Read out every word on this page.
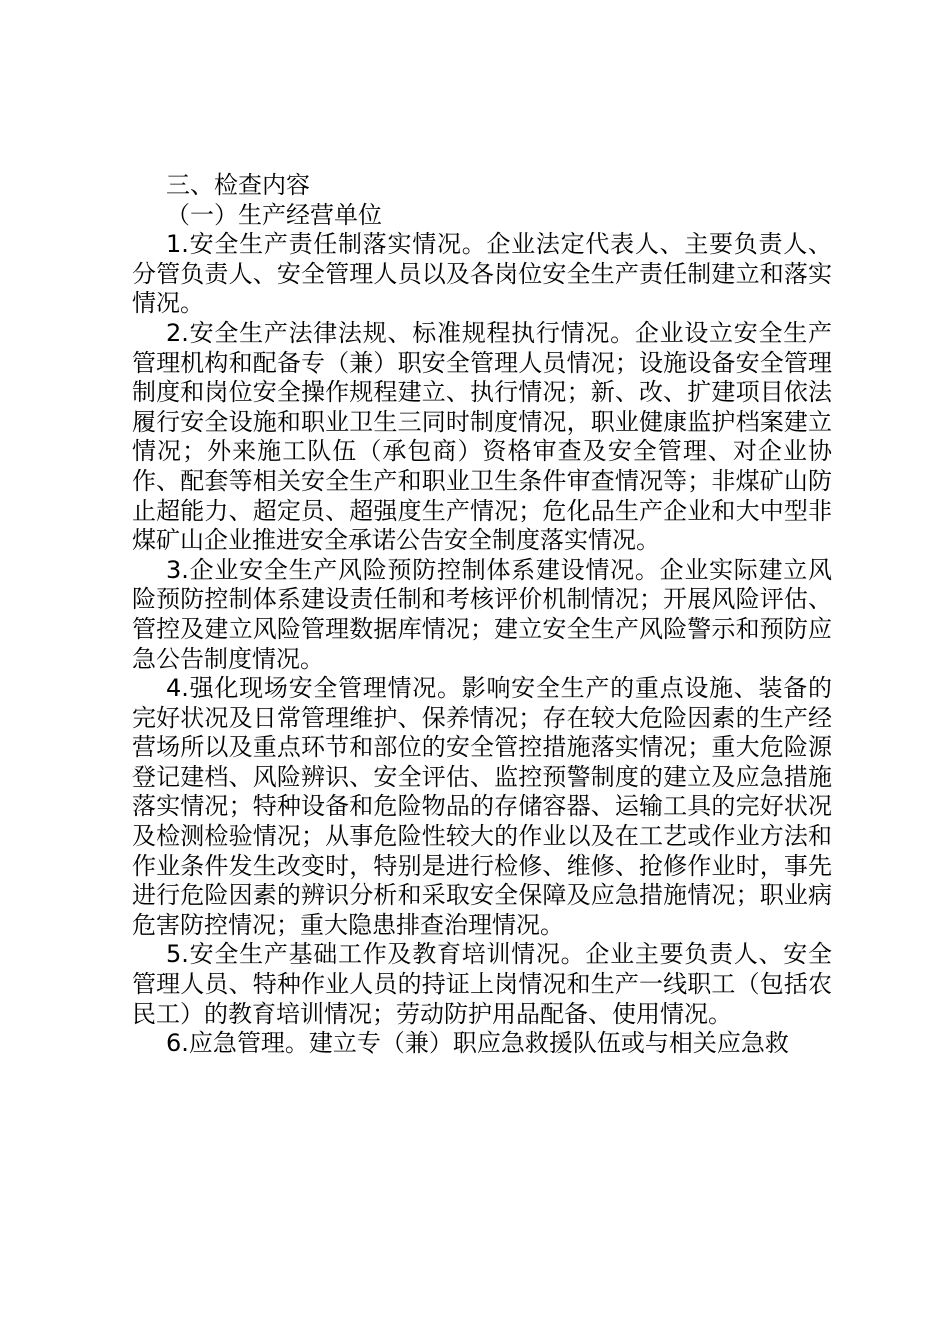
三、检查内容

（一）生产经营单位

1.安全生产责任制落实情况。企业法定代表人、主要负责人、分管负责人、安全管理人员以及各岗位安全生产责任制建立和落实情况。

2.安全生产法律法规、标准规程执行情况。企业设立安全生产管理机构和配备专（兼）职安全管理人员情况；设施设备安全管理制度和岗位安全操作规程建立、执行情况；新、改、扩建项目依法履行安全设施和职业卫生三同时制度情况，职业健康监护档案建立情况；外来施工队伍（承包商）资格审查及安全管理、对企业协作、配套等相关安全生产和职业卫生条件审查情况等；非煤矿山防止超能力、超定员、超强度生产情况；危化品生产企业和大中型非煤矿山企业推进安全承诺公告安全制度落实情况。

3.企业安全生产风险预防控制体系建设情况。企业实际建立风险预防控制体系建设责任制和考核评价机制情况；开展风险评估、管控及建立风险管理数据库情况；建立安全生产风险警示和预防应急公告制度情况。

4.强化现场安全管理情况。影响安全生产的重点设施、装备的完好状况及日常管理维护、保养情况；存在较大危险因素的生产经营场所以及重点环节和部位的安全管控措施落实情况；重大危险源登记建档、风险辨识、安全评估、监控预警制度的建立及应急措施落实情况；特种设备和危险物品的存储容器、运输工具的完好状况及检测检验情况；从事危险性较大的作业以及在工艺或作业方法和作业条件发生改变时，特别是进行检修、维修、抢修作业时，事先进行危险因素的辨识分析和采取安全保障及应急措施情况；职业病危害防控情况；重大隐患排查治理情况。

5.安全生产基础工作及教育培训情况。企业主要负责人、安全管理人员、特种作业人员的持证上岗情况和生产一线职工（包括农民工）的教育培训情况；劳动防护用品配备、使用情况。

6.应急管理。建立专（兼）职应急救援队伍或与相关应急救
